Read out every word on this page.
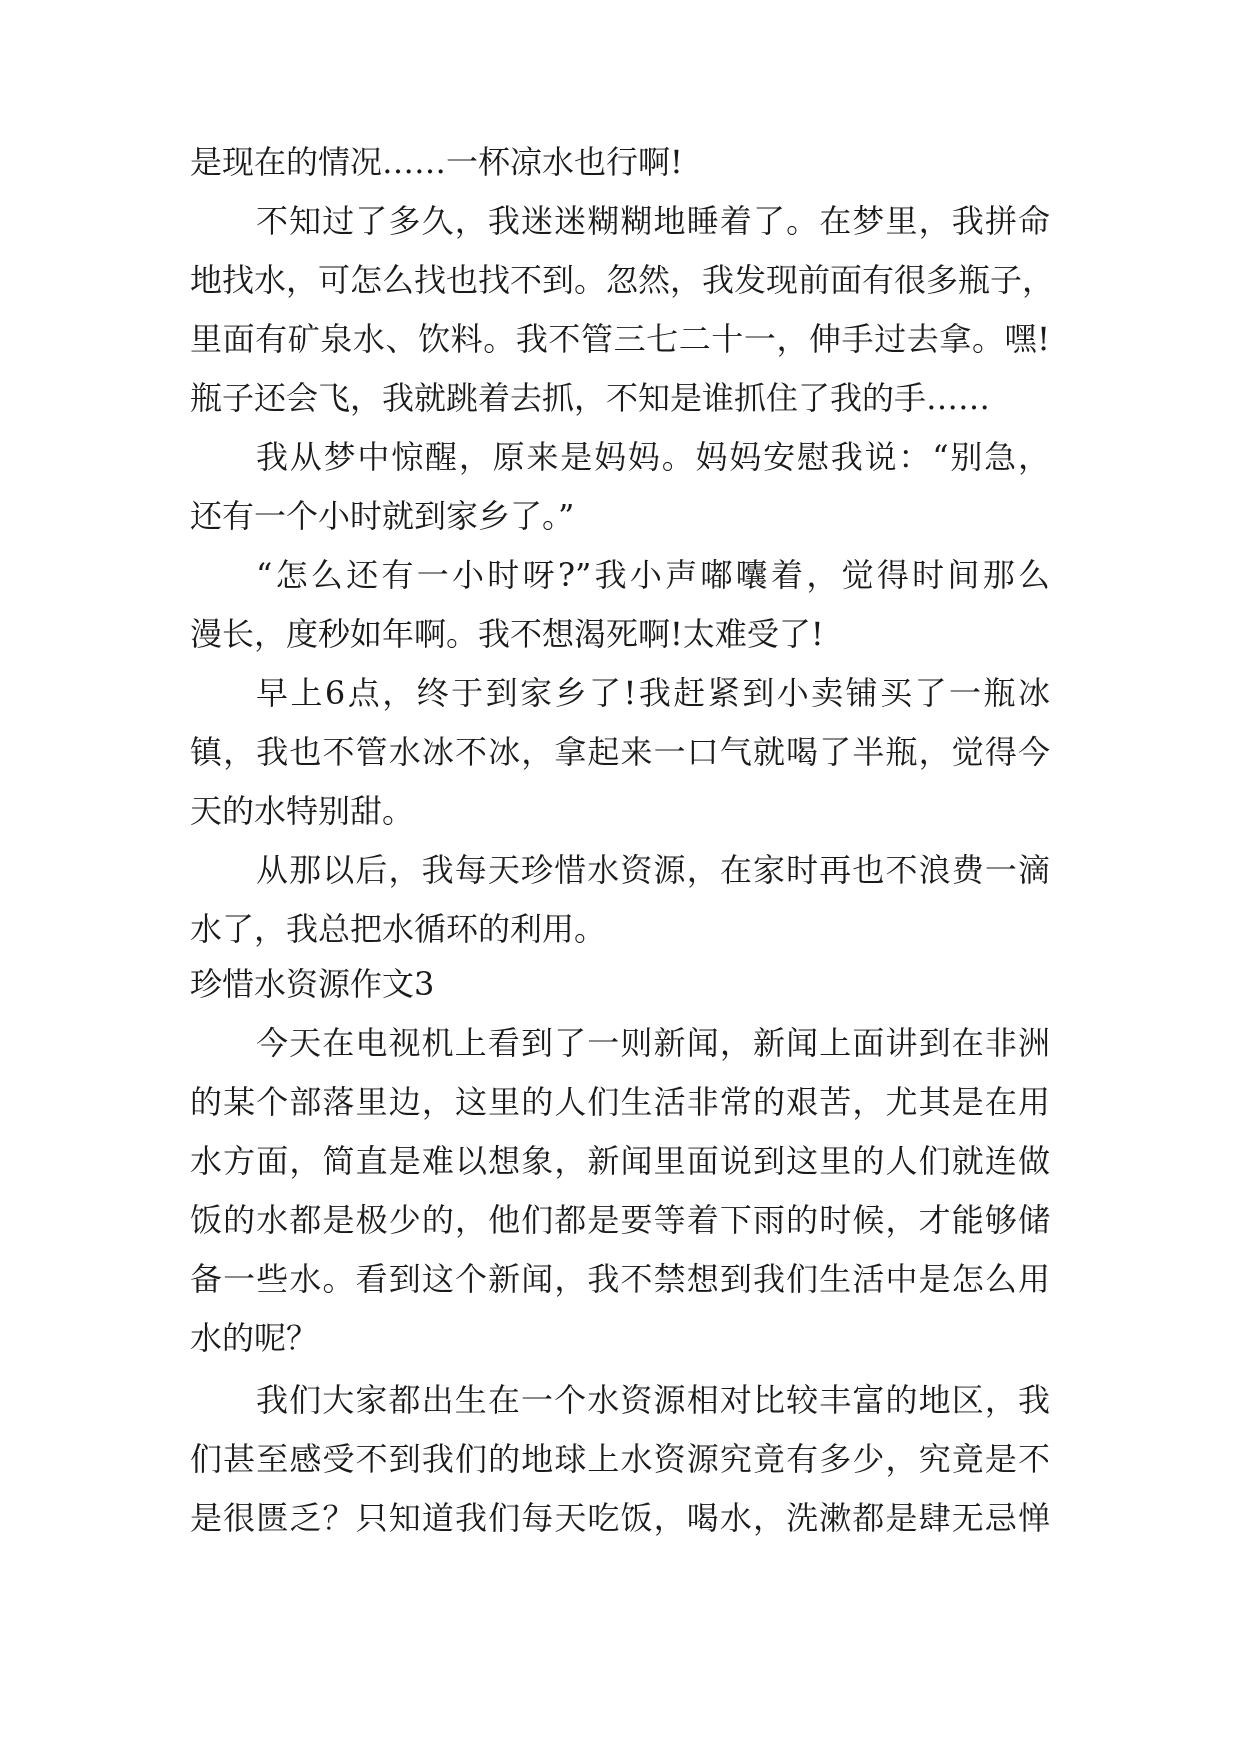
是现在的情况……一杯凉水也行啊!

不知过了多久，我迷迷糊糊地睡着了。在梦里，我拼命

地找水，可怎么找也找不到。忽然，我发现前面有很多瓶子，

里面有矿泉水、饮料。我不管三七二十一，伸手过去拿。嘿!

瓶子还会飞，我就跳着去抓，不知是谁抓住了我的手……

我从梦中惊醒，原来是妈妈。妈妈安慰我说：“别急，

还有一个小时就到家乡了。”

“怎么还有一小时呀?”我小声嘟囔着，觉得时间那么

漫长，度秒如年啊。我不想渴死啊!太难受了!

早上6点，终于到家乡了!我赶紧到小卖铺买了一瓶冰

镇，我也不管水冰不冰，拿起来一口气就喝了半瓶，觉得今

天的水特别甜。

从那以后，我每天珍惜水资源，在家时再也不浪费一滴

水了，我总把水循环的利用。

珍惜水资源作文3

今天在电视机上看到了一则新闻，新闻上面讲到在非洲

的某个部落里边，这里的人们生活非常的艰苦，尤其是在用

水方面，简直是难以想象，新闻里面说到这里的人们就连做

饭的水都是极少的，他们都是要等着下雨的时候，才能够储

备一些水。看到这个新闻，我不禁想到我们生活中是怎么用

水的呢？

我们大家都出生在一个水资源相对比较丰富的地区，我

们甚至感受不到我们的地球上水资源究竟有多少，究竟是不

是很匮乏？只知道我们每天吃饭，喝水，洗漱都是肆无忌惮
